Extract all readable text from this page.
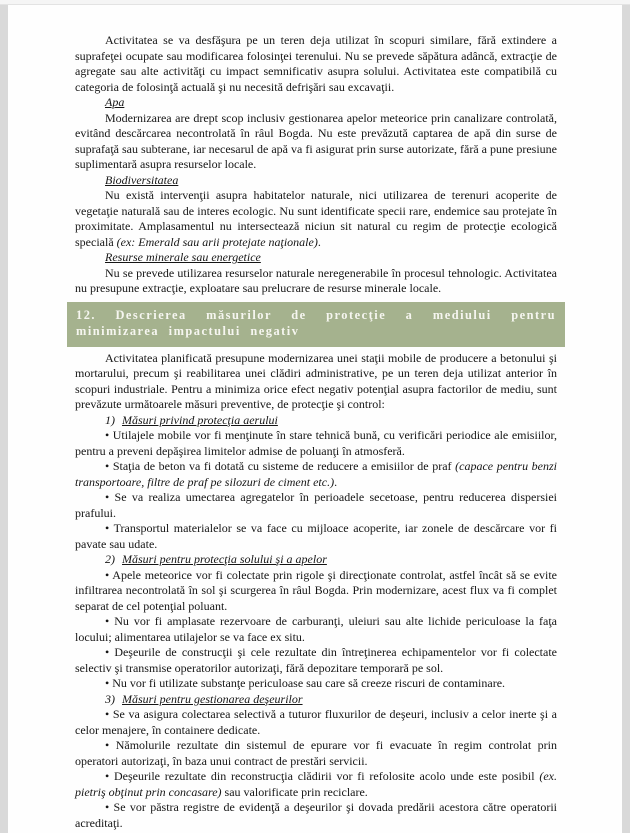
Activitatea se va desfăşura pe un teren deja utilizat în scopuri similare, fără extindere a suprafeţei ocupate sau modificarea folosinţei terenului. Nu se prevede săpătura adâncă, extracţie de agregate sau alte activităţi cu impact semnificativ asupra solului. Activitatea este compatibilă cu categoria de folosinţă actuală şi nu necesită defrişări sau excavaţii.

Apa

Modernizarea are drept scop inclusiv gestionarea apelor meteorice prin canalizare controlată, evitând descărcarea necontrolată în râul Bogda. Nu este prevăzută captarea de apă din surse de suprafaţă sau subterane, iar necesarul de apă va fi asigurat prin surse autorizate, fără a pune presiune suplimentară asupra resurselor locale.

Biodiversitatea

Nu există intervenţii asupra habitatelor naturale, nici utilizarea de terenuri acoperite de vegetaţie naturală sau de interes ecologic. Nu sunt identificate specii rare, endemice sau protejate în proximitate. Amplasamentul nu intersectează niciun sit natural cu regim de protecţie ecologică specială (ex: Emerald sau arii protejate naţionale).

Resurse minerale sau energetice

Nu se prevede utilizarea resurselor naturale neregenerabile în procesul tehnologic. Activitatea nu presupune extracţie, exploatare sau prelucrare de resurse minerale locale.

12. Descrierea măsurilor de protecţie a mediului pentru minimizarea impactului negativ

Activitatea planificată presupune modernizarea unei staţii mobile de producere a betonului şi mortarului, precum şi reabilitarea unei clădiri administrative, pe un teren deja utilizat anterior în scopuri industriale. Pentru a minimiza orice efect negativ potenţial asupra factorilor de mediu, sunt prevăzute următoarele măsuri preventive, de protecţie şi control:

1) Măsuri privind protecţia aerului

• Utilajele mobile vor fi menţinute în stare tehnică bună, cu verificări periodice ale emisiilor, pentru a preveni depăşirea limitelor admise de poluanţi în atmosferă.

• Staţia de beton va fi dotată cu sisteme de reducere a emisiilor de praf (capace pentru benzi transportoare, filtre de praf pe silozuri de ciment etc.).

• Se va realiza umectarea agregatelor în perioadele secetoase, pentru reducerea dispersiei prafului.

• Transportul materialelor se va face cu mijloace acoperite, iar zonele de descărcare vor fi pavate sau udate.

2) Măsuri pentru protecţia solului şi a apelor

• Apele meteorice vor fi colectate prin rigole şi direcţionate controlat, astfel încât să se evite infiltrarea necontrolată în sol şi scurgerea în râul Bogda. Prin modernizare, acest flux va fi complet separat de cel potenţial poluant.

• Nu vor fi amplasate rezervoare de carburanţi, uleiuri sau alte lichide periculoase la faţa locului; alimentarea utilajelor se va face ex situ.

• Deşeurile de construcţii şi cele rezultate din întreţinerea echipamentelor vor fi colectate selectiv şi transmise operatorilor autorizaţi, fără depozitare temporară pe sol.

• Nu vor fi utilizate substanţe periculoase sau care să creeze riscuri de contaminare.

3) Măsuri pentru gestionarea deşeurilor

• Se va asigura colectarea selectivă a tuturor fluxurilor de deşeuri, inclusiv a celor inerte şi a celor menajere, în containere dedicate.

• Nămolurile rezultate din sistemul de epurare vor fi evacuate în regim controlat prin operatori autorizaţi, în baza unui contract de prestări servicii.

• Deşeurile rezultate din reconstrucţia clădirii vor fi refolosite acolo unde este posibil (ex. pietriş obţinut prin concasare) sau valorificate prin reciclare.

• Se vor păstra registre de evidenţă a deşeurilor şi dovada predării acestora către operatorii acreditaţi.
